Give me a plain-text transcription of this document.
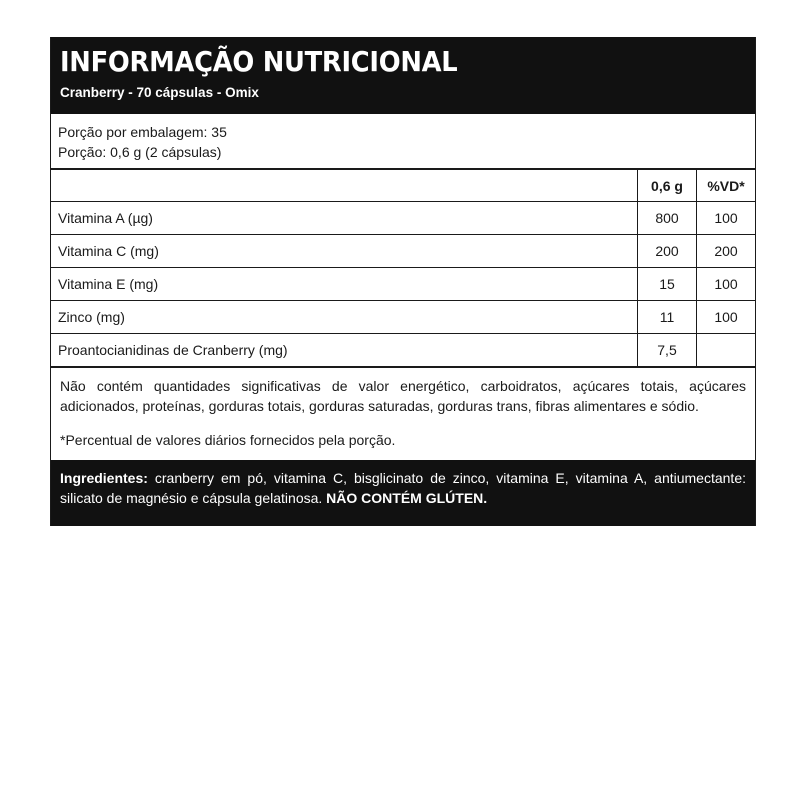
INFORMAÇÃO NUTRICIONAL
Cranberry - 70 cápsulas - Omix
Porção por embalagem: 35
Porção: 0,6 g (2 cápsulas)
	0,6 g	%VD*
Vitamina A (µg)	800	100
Vitamina C (mg)	200	200
Vitamina E (mg)	15	100
Zinco (mg)	11	100
Proantocianidinas de Cranberry (mg)	7,5	
Não contém quantidades significativas de valor energético, carboidratos, açúcares totais, açúcares
adicionados, proteínas, gorduras totais, gorduras saturadas, gorduras trans, fibras alimentares e sódio.
*Percentual de valores diários fornecidos pela porção.
Ingredientes: cranberry em pó, vitamina C, bisglicinato de zinco, vitamina E, vitamina A, antiumectante: silicato de magnésio e cápsula gelatinosa. NÃO CONTÉM GLÚTEN.
